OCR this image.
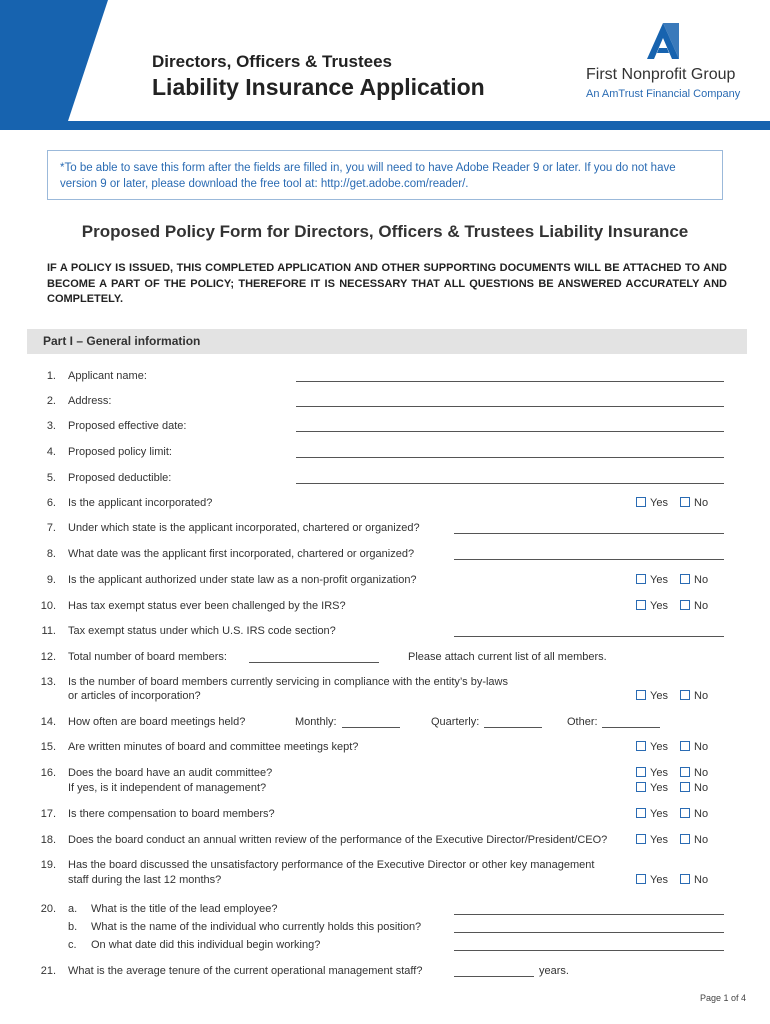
Directors, Officers & Trustees
Liability Insurance Application	First Nonprofit Group
An AmTrust Financial Company
*To be able to save this form after the fields are filled in, you will need to have Adobe Reader 9 or later. If you do not have version 9 or later, please download the free tool at: http://get.adobe.com/reader/.
Proposed Policy Form for Directors, Officers & Trustees Liability Insurance
IF A POLICY IS ISSUED, THIS COMPLETED APPLICATION AND OTHER SUPPORTING DOCUMENTS WILL BE ATTACHED TO AND BECOME A PART OF THE POLICY; THEREFORE IT IS NECESSARY THAT ALL QUESTIONS BE ANSWERED ACCURATELY AND COMPLETELY.
Part I – General information
1. Applicant name:
2. Address:
3. Proposed effective date:
4. Proposed policy limit:
5. Proposed deductible:
6. Is the applicant incorporated?	Yes No
7. Under which state is the applicant incorporated, chartered or organized?
8. What date was the applicant first incorporated, chartered or organized?
9. Is the applicant authorized under state law as a non-profit organization?	Yes No
10. Has tax exempt status ever been challenged by the IRS?	Yes No
11. Tax exempt status under which U.S. IRS code section?
12. Total number of board members:	Please attach current list of all members.
13. Is the number of board members currently servicing in compliance with the entity’s by-laws
or articles of incorporation?	Yes No
14. How often are board meetings held?	Monthly:	Quarterly:	Other:
15. Are written minutes of board and committee meetings kept?	Yes No
16. Does the board have an audit committee?	Yes No
If yes, is it independent of management?	Yes No
17. Is there compensation to board members?	Yes No
18. Does the board conduct an annual written review of the performance of the Executive Director/President/CEO?	Yes No
19. Has the board discussed the unsatisfactory performance of the Executive Director or other key management
staff during the last 12 months?	Yes No
20. a. What is the title of the lead employee?
b. What is the name of the individual who currently holds this position?
c. On what date did this individual begin working?
21. What is the average tenure of the current operational management staff?	years.
Page 1 of 4
